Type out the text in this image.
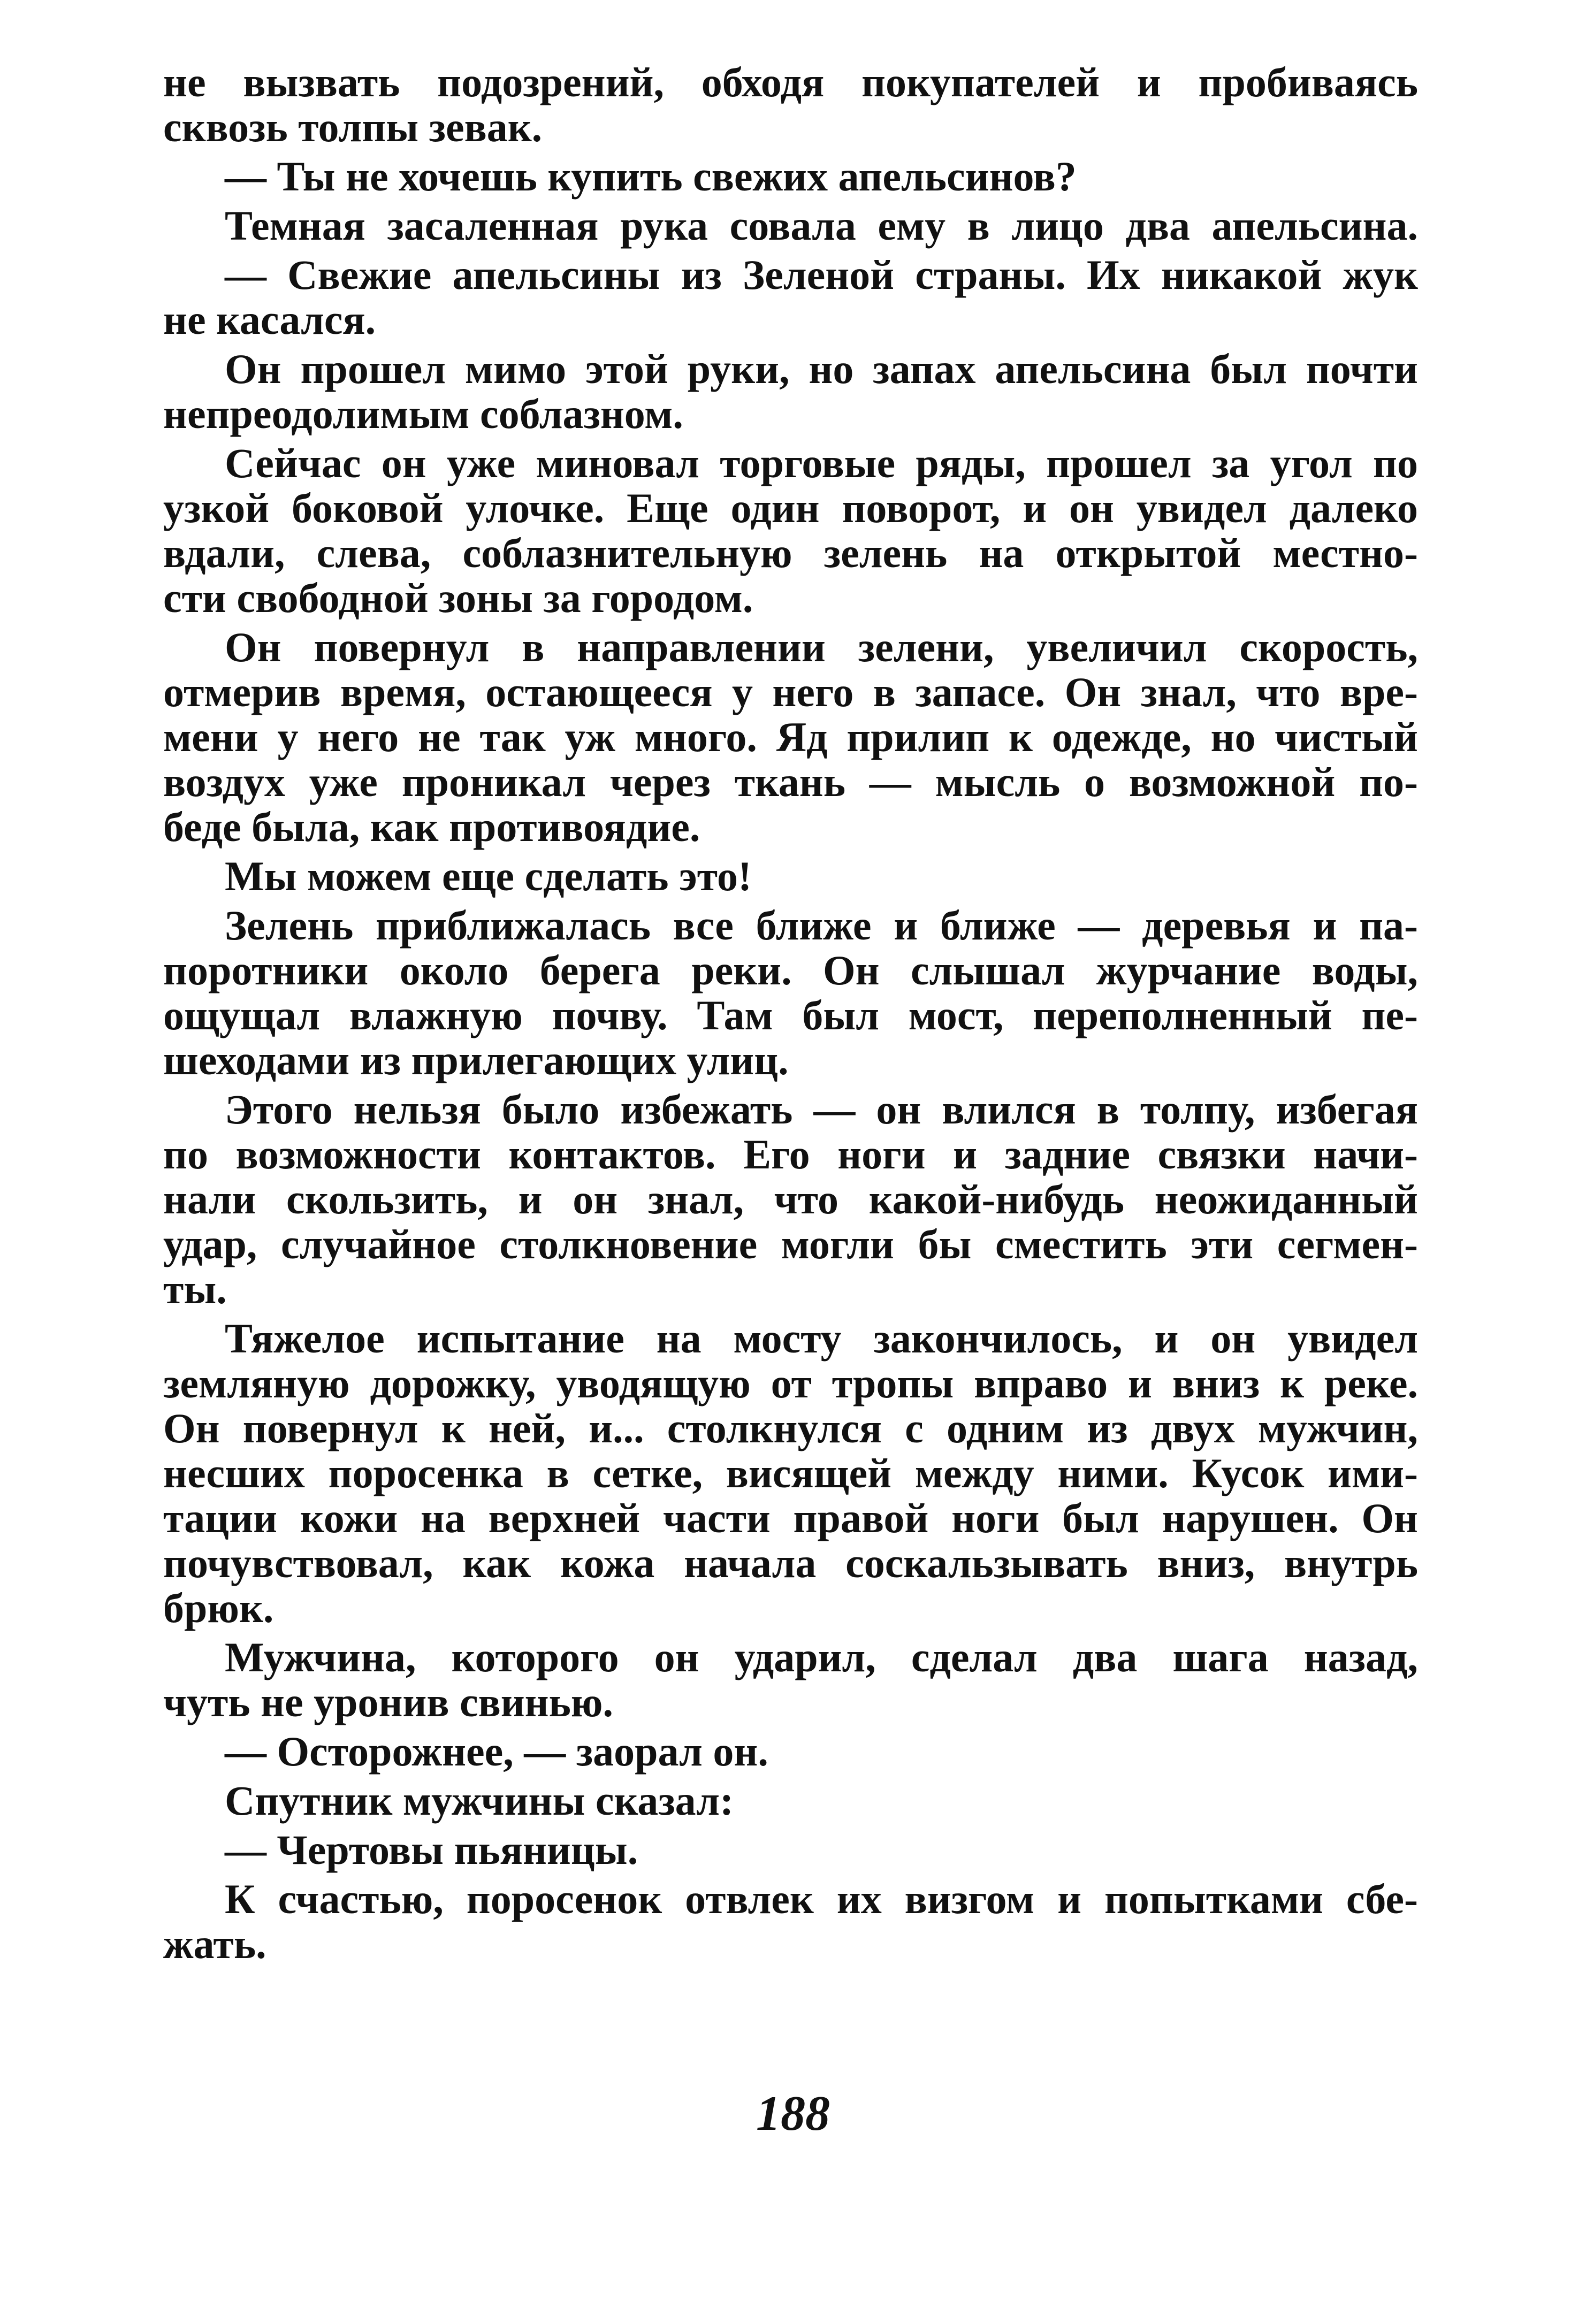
не вызвать подозрений, обходя покупателей и пробиваясь
сквозь толпы зевак.
— Ты не хочешь купить свежих апельсинов?
Темная засаленная рука совала ему в лицо два апельсина.
— Свежие апельсины из Зеленой страны. Их никакой жук
не касался.
Он прошел мимо этой руки, но запах апельсина был почти
непреодолимым соблазном.
Сейчас он уже миновал торговые ряды, прошел за угол по
узкой боковой улочке. Еще один поворот, и он увидел далеко
вдали, слева, соблазнительную зелень на открытой местно-
сти свободной зоны за городом.
Он повернул в направлении зелени, увеличил скорость,
отмерив время, остающееся у него в запасе. Он знал, что вре-
мени у него не так уж много. Яд прилип к одежде, но чистый
воздух уже проникал через ткань — мысль о возможной по-
беде была, как противоядие.
Мы можем еще сделать это!
Зелень приближалась все ближе и ближе — деревья и па-
поротники около берега реки. Он слышал журчание воды,
ощущал влажную почву. Там был мост, переполненный пе-
шеходами из прилегающих улиц.
Этого нельзя было избежать — он влился в толпу, избегая
по возможности контактов. Его ноги и задние связки начи-
нали скользить, и он знал, что какой-нибудь неожиданный
удар, случайное столкновение могли бы сместить эти сегмен-
ты.
Тяжелое испытание на мосту закончилось, и он увидел
земляную дорожку, уводящую от тропы вправо и вниз к реке.
Он повернул к ней, и... столкнулся с одним из двух мужчин,
несших поросенка в сетке, висящей между ними. Кусок ими-
тации кожи на верхней части правой ноги был нарушен. Он
почувствовал, как кожа начала соскальзывать вниз, внутрь
брюк.
Мужчина, которого он ударил, сделал два шага назад,
чуть не уронив свинью.
— Осторожнее, — заорал он.
Спутник мужчины сказал:
— Чертовы пьяницы.
К счастью, поросенок отвлек их визгом и попытками сбе-
жать.
188
